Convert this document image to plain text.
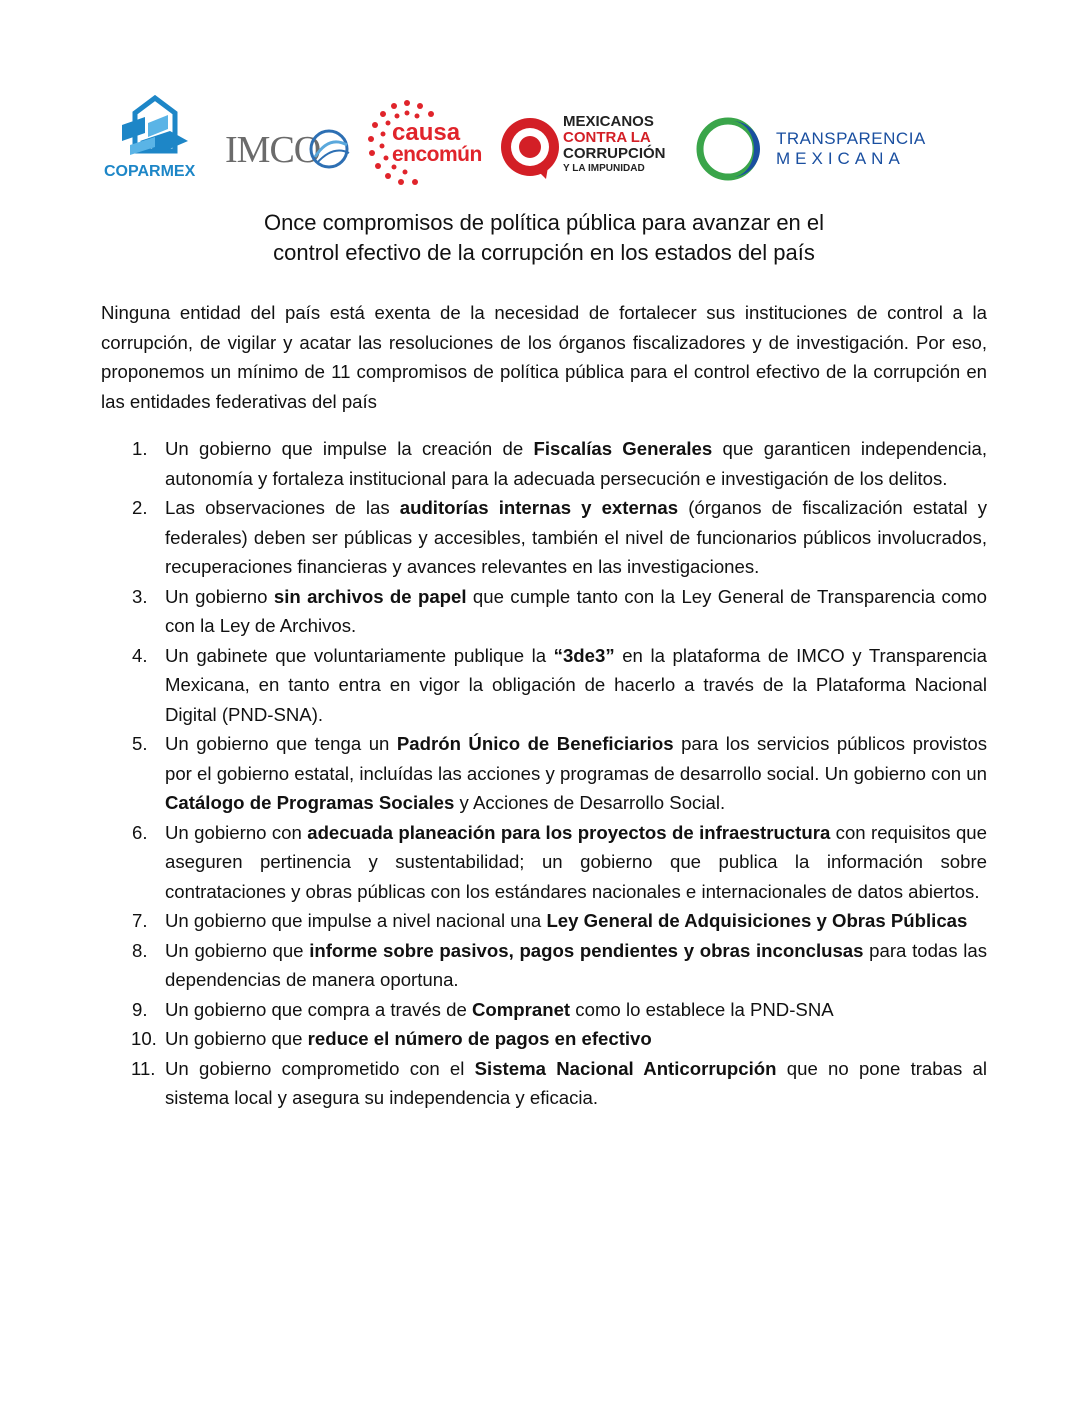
COPARMEX
IMCO	causa
encomún
MEXICANOS
CONTRA LA
CORRUPCIÓN
Y LA IMPUNIDAD
TRANSPARENCIA
MEXICANA
Once compromisos de política pública para avanzar en el
control efectivo de la corrupción en los estados del país

Ninguna entidad del país está exenta de la necesidad de fortalecer sus instituciones de control a la corrupción, de vigilar y acatar las resoluciones de los órganos fiscalizadores y de investigación. Por eso, proponemos un mínimo de 11 compromisos de política pública para el control efectivo de la corrupción en las entidades federativas del país

1. Un gobierno que impulse la creación de Fiscalías Generales que garanticen independencia, autonomía y fortaleza institucional para la adecuada persecución e investigación de los delitos.
2. Las observaciones de las auditorías internas y externas (órganos de fiscalización estatal y federales) deben ser públicas y accesibles, también el nivel de funcionarios públicos involucrados, recuperaciones financieras y avances relevantes en las investigaciones.
3. Un gobierno sin archivos de papel que cumple tanto con la Ley General de Transparencia como con la Ley de Archivos.
4. Un gabinete que voluntariamente publique la “3de3” en la plataforma de IMCO y Transparencia Mexicana, en tanto entra en vigor la obligación de hacerlo a través de la Plataforma Nacional Digital (PND-SNA).
5. Un gobierno que tenga un Padrón Único de Beneficiarios para los servicios públicos provistos por el gobierno estatal, incluídas las acciones y programas de desarrollo social. Un gobierno con un Catálogo de Programas Sociales y Acciones de Desarrollo Social.
6. Un gobierno con adecuada planeación para los proyectos de infraestructura con requisitos que aseguren pertinencia y sustentabilidad; un gobierno que publica la información sobre contrataciones y obras públicas con los estándares nacionales e internacionales de datos abiertos.
7. Un gobierno que impulse a nivel nacional una Ley General de Adquisiciones y Obras Públicas
8. Un gobierno que informe sobre pasivos, pagos pendientes y obras inconclusas para todas las dependencias de manera oportuna.
9. Un gobierno que compra a través de Compranet como lo establece la PND-SNA
10. Un gobierno que reduce el número de pagos en efectivo
11. Un gobierno comprometido con el Sistema Nacional Anticorrupción que no pone trabas al sistema local y asegura su independencia y eficacia.
